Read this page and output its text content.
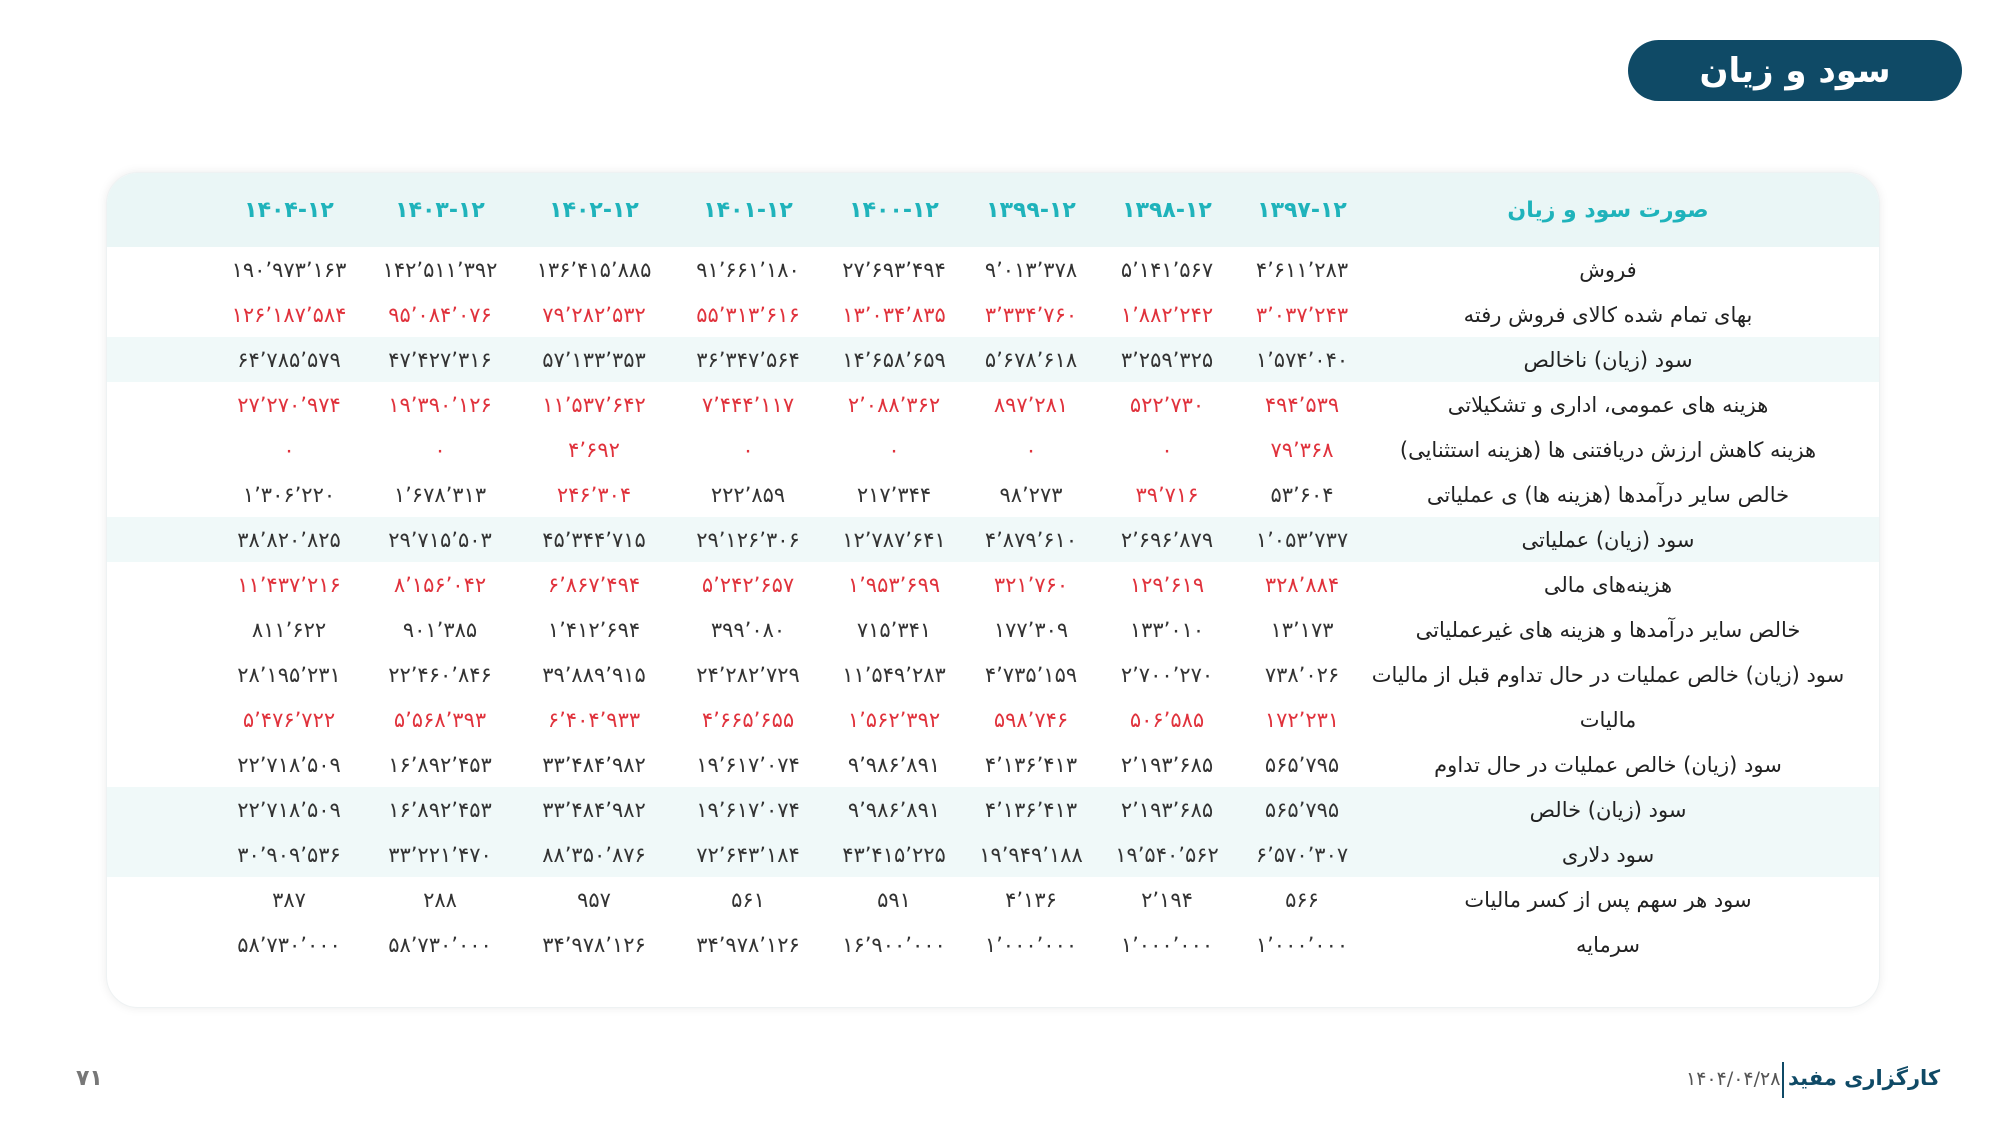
سود و زیان
صورت سود و زیان
۱۳۹۷-۱۲
۱۳۹۸-۱۲
۱۳۹۹-۱۲
۱۴۰۰-۱۲
۱۴۰۱-۱۲
۱۴۰۲-۱۲
۱۴۰۳-۱۲
۱۴۰۴-۱۲
فروش
۴٬۶۱۱٬۲۸۳
۵٬۱۴۱٬۵۶۷
۹٬۰۱۳٬۳۷۸
۲۷٬۶۹۳٬۴۹۴
۹۱٬۶۶۱٬۱۸۰
۱۳۶٬۴۱۵٬۸۸۵
۱۴۲٬۵۱۱٬۳۹۲
۱۹۰٬۹۷۳٬۱۶۳
بهای تمام شده کالای فروش رفته
۳٬۰۳۷٬۲۴۳
۱٬۸۸۲٬۲۴۲
۳٬۳۳۴٬۷۶۰
۱۳٬۰۳۴٬۸۳۵
۵۵٬۳۱۳٬۶۱۶
۷۹٬۲۸۲٬۵۳۲
۹۵٬۰۸۴٬۰۷۶
۱۲۶٬۱۸۷٬۵۸۴
سود (زیان) ناخالص
۱٬۵۷۴٬۰۴۰
۳٬۲۵۹٬۳۲۵
۵٬۶۷۸٬۶۱۸
۱۴٬۶۵۸٬۶۵۹
۳۶٬۳۴۷٬۵۶۴
۵۷٬۱۳۳٬۳۵۳
۴۷٬۴۲۷٬۳۱۶
۶۴٬۷۸۵٬۵۷۹
هزینه های عمومی، اداری و تشکیلاتی
۴۹۴٬۵۳۹
۵۲۲٬۷۳۰
۸۹۷٬۲۸۱
۲٬۰۸۸٬۳۶۲
۷٬۴۴۴٬۱۱۷
۱۱٬۵۳۷٬۶۴۲
۱۹٬۳۹۰٬۱۲۶
۲۷٬۲۷۰٬۹۷۴
هزینه کاهش ارزش دریافتنی ها (هزینه استثنایی)
۷۹٬۳۶۸
۰
۰
۰
۰
۴٬۶۹۲
۰
۰
خالص سایر درآمدها (هزینه ها) ی عملیاتی
۵۳٬۶۰۴
۳۹٬۷۱۶
۹۸٬۲۷۳
۲۱۷٬۳۴۴
۲۲۲٬۸۵۹
۲۴۶٬۳۰۴
۱٬۶۷۸٬۳۱۳
۱٬۳۰۶٬۲۲۰
سود (زیان) عملیاتی
۱٬۰۵۳٬۷۳۷
۲٬۶۹۶٬۸۷۹
۴٬۸۷۹٬۶۱۰
۱۲٬۷۸۷٬۶۴۱
۲۹٬۱۲۶٬۳۰۶
۴۵٬۳۴۴٬۷۱۵
۲۹٬۷۱۵٬۵۰۳
۳۸٬۸۲۰٬۸۲۵
هزینه‌های مالی
۳۲۸٬۸۸۴
۱۲۹٬۶۱۹
۳۲۱٬۷۶۰
۱٬۹۵۳٬۶۹۹
۵٬۲۴۲٬۶۵۷
۶٬۸۶۷٬۴۹۴
۸٬۱۵۶٬۰۴۲
۱۱٬۴۳۷٬۲۱۶
خالص سایر درآمدها و هزینه های غیرعملیاتی
۱۳٬۱۷۳
۱۳۳٬۰۱۰
۱۷۷٬۳۰۹
۷۱۵٬۳۴۱
۳۹۹٬۰۸۰
۱٬۴۱۲٬۶۹۴
۹۰۱٬۳۸۵
۸۱۱٬۶۲۲
سود (زیان) خالص عملیات در حال تداوم قبل از مالیات
۷۳۸٬۰۲۶
۲٬۷۰۰٬۲۷۰
۴٬۷۳۵٬۱۵۹
۱۱٬۵۴۹٬۲۸۳
۲۴٬۲۸۲٬۷۲۹
۳۹٬۸۸۹٬۹۱۵
۲۲٬۴۶۰٬۸۴۶
۲۸٬۱۹۵٬۲۳۱
مالیات
۱۷۲٬۲۳۱
۵۰۶٬۵۸۵
۵۹۸٬۷۴۶
۱٬۵۶۲٬۳۹۲
۴٬۶۶۵٬۶۵۵
۶٬۴۰۴٬۹۳۳
۵٬۵۶۸٬۳۹۳
۵٬۴۷۶٬۷۲۲
سود (زیان) خالص عملیات در حال تداوم
۵۶۵٬۷۹۵
۲٬۱۹۳٬۶۸۵
۴٬۱۳۶٬۴۱۳
۹٬۹۸۶٬۸۹۱
۱۹٬۶۱۷٬۰۷۴
۳۳٬۴۸۴٬۹۸۲
۱۶٬۸۹۲٬۴۵۳
۲۲٬۷۱۸٬۵۰۹
سود (زیان) خالص
۵۶۵٬۷۹۵
۲٬۱۹۳٬۶۸۵
۴٬۱۳۶٬۴۱۳
۹٬۹۸۶٬۸۹۱
۱۹٬۶۱۷٬۰۷۴
۳۳٬۴۸۴٬۹۸۲
۱۶٬۸۹۲٬۴۵۳
۲۲٬۷۱۸٬۵۰۹
سود دلاری
۶٬۵۷۰٬۳۰۷
۱۹٬۵۴۰٬۵۶۲
۱۹٬۹۴۹٬۱۸۸
۴۳٬۴۱۵٬۲۲۵
۷۲٬۶۴۳٬۱۸۴
۸۸٬۳۵۰٬۸۷۶
۳۳٬۲۲۱٬۴۷۰
۳۰٬۹۰۹٬۵۳۶
سود هر سهم پس از کسر مالیات
۵۶۶
۲٬۱۹۴
۴٬۱۳۶
۵۹۱
۵۶۱
۹۵۷
۲۸۸
۳۸۷
سرمایه
۱٬۰۰۰٬۰۰۰
۱٬۰۰۰٬۰۰۰
۱٬۰۰۰٬۰۰۰
۱۶٬۹۰۰٬۰۰۰
۳۴٬۹۷۸٬۱۲۶
۳۴٬۹۷۸٬۱۲۶
۵۸٬۷۳۰٬۰۰۰
۵۸٬۷۳۰٬۰۰۰
۷۱	۱۴۰۴/۰۴/۲۸ کارگزاری مفید
